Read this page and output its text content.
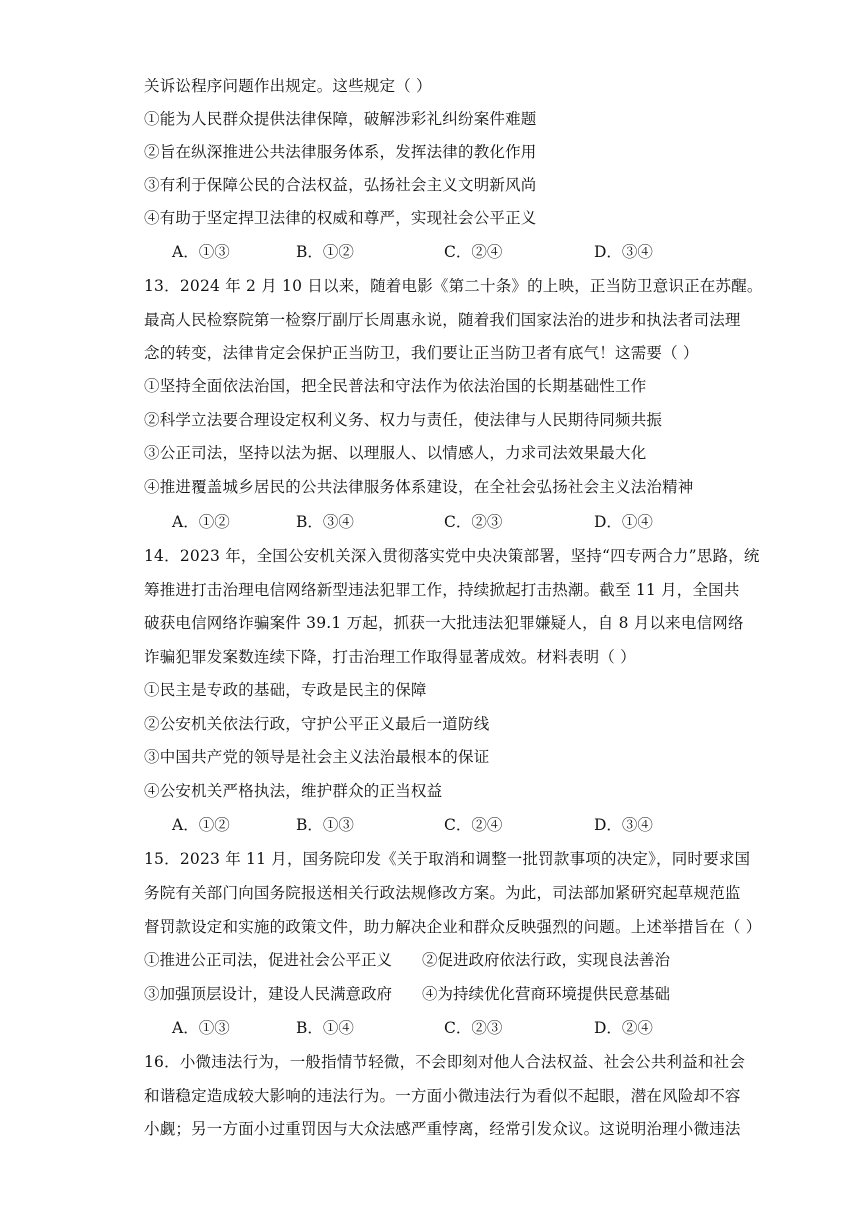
关诉讼程序问题作出规定。这些规定（ ）
①能为人民群众提供法律保障，破解涉彩礼纠纷案件难题
②旨在纵深推进公共法律服务体系，发挥法律的教化作用
③有利于保障公民的合法权益，弘扬社会主义文明新风尚
④有助于坚定捍卫法律的权威和尊严，实现社会公平正义
A．①③	B．①②	C．②④	D．③④
13．2024 年 2 月 10 日以来，随着电影《第二十条》的上映，正当防卫意识正在苏醒。
最高人民检察院第一检察厅副厅长周惠永说，随着我们国家法治的进步和执法者司法理
念的转变，法律肯定会保护正当防卫，我们要让正当防卫者有底气！这需要（ ）
①坚持全面依法治国，把全民普法和守法作为依法治国的长期基础性工作
②科学立法要合理设定权利义务、权力与责任，使法律与人民期待同频共振
③公正司法，坚持以法为据、以理服人、以情感人，力求司法效果最大化
④推进覆盖城乡居民的公共法律服务体系建设，在全社会弘扬社会主义法治精神
A．①②	B．③④	C．②③	D．①④
14．2023 年，全国公安机关深入贯彻落实党中央决策部署，坚持“四专两合力”思路，统
筹推进打击治理电信网络新型违法犯罪工作，持续掀起打击热潮。截至 11 月，全国共
破获电信网络诈骗案件 39.1 万起，抓获一大批违法犯罪嫌疑人，自 8 月以来电信网络
诈骗犯罪发案数连续下降，打击治理工作取得显著成效。材料表明（ ）
①民主是专政的基础，专政是民主的保障
②公安机关依法行政，守护公平正义最后一道防线
③中国共产党的领导是社会主义法治最根本的保证
④公安机关严格执法，维护群众的正当权益
A．①②	B．①③	C．②④	D．③④
15．2023 年 11 月，国务院印发《关于取消和调整一批罚款事项的决定》，同时要求国
务院有关部门向国务院报送相关行政法规修改方案。为此，司法部加紧研究起草规范监
督罚款设定和实施的政策文件，助力解决企业和群众反映强烈的问题。上述举措旨在（ ）
①推进公正司法，促进社会公平正义 ②促进政府依法行政，实现良法善治
③加强顶层设计，建设人民满意政府 ④为持续优化营商环境提供民意基础
A．①③	B．①④	C．②③	D．②④
16．小微违法行为，一般指情节轻微，不会即刻对他人合法权益、社会公共利益和社会
和谐稳定造成较大影响的违法行为。一方面小微违法行为看似不起眼，潜在风险却不容
小觑；另一方面小过重罚因与大众法感严重悖离，经常引发众议。这说明治理小微违法
